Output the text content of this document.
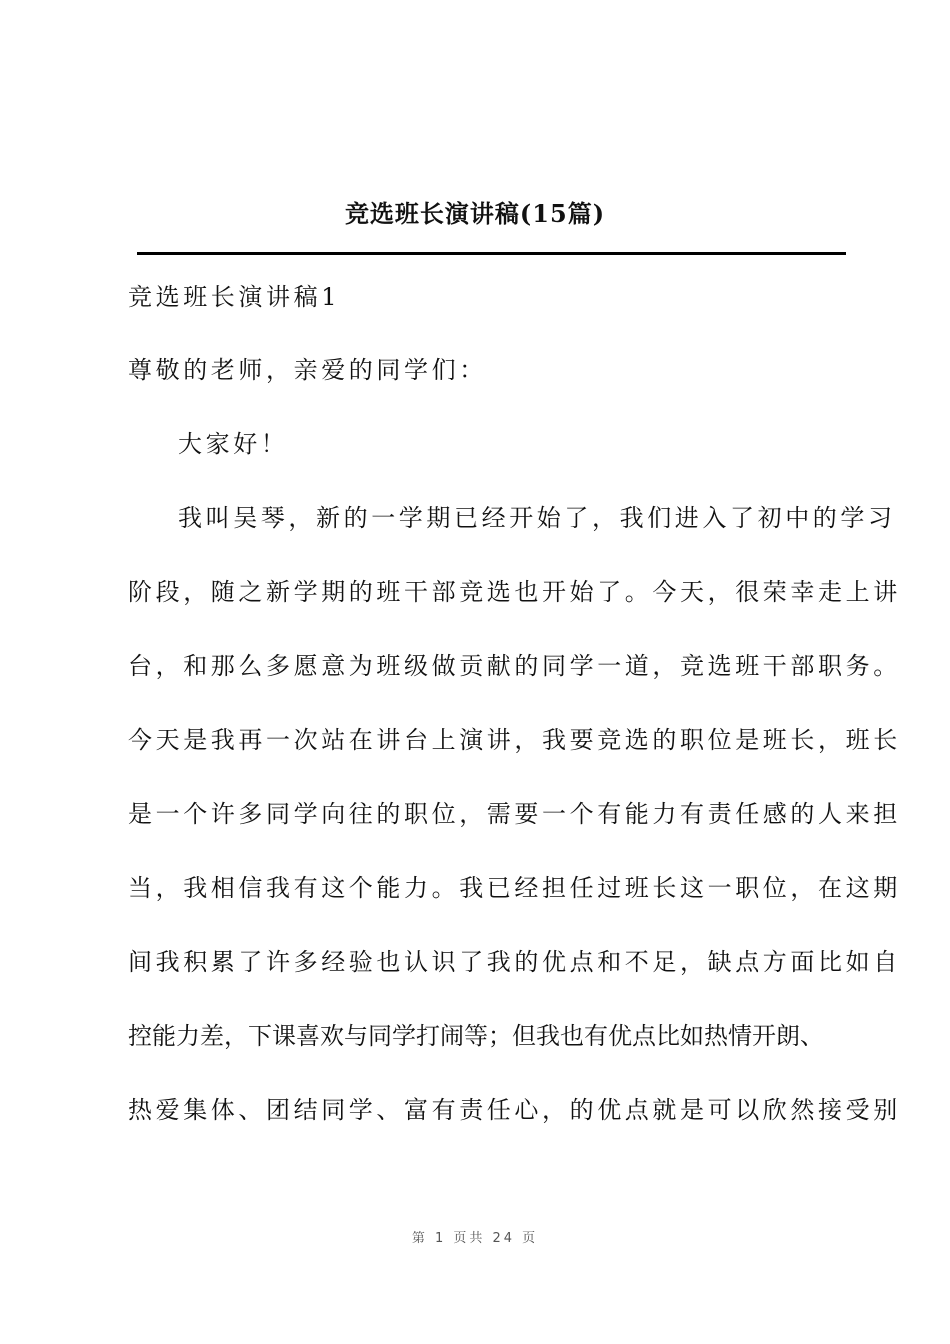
竞选班长演讲稿(15篇)
竞选班长演讲稿1
尊敬的老师，亲爱的同学们：
大家好！
我叫吴琴，新的一学期已经开始了，我们进入了初中的学习
阶段，随之新学期的班干部竞选也开始了。今天，很荣幸走上讲
台，和那么多愿意为班级做贡献的同学一道，竞选班干部职务。
今天是我再一次站在讲台上演讲，我要竞选的职位是班长，班长
是一个许多同学向往的职位，需要一个有能力有责任感的人来担
当，我相信我有这个能力。我已经担任过班长这一职位，在这期
间我积累了许多经验也认识了我的优点和不足，缺点方面比如自
控能力差，下课喜欢与同学打闹等；但我也有优点比如热情开朗、
热爱集体、团结同学、富有责任心，的优点就是可以欣然接受别
第 1 页共 24 页
